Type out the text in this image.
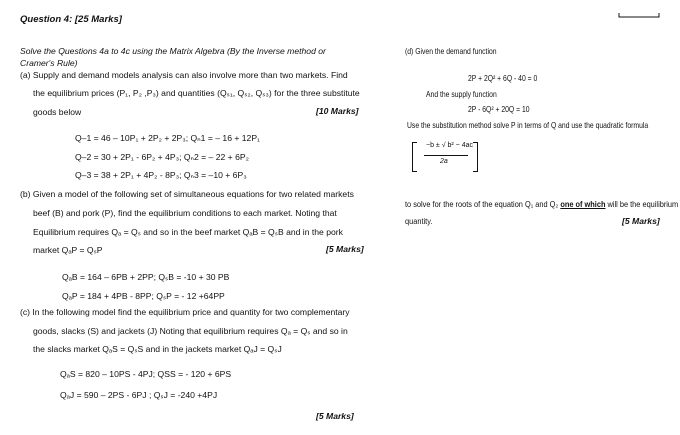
Question 4: [25 Marks]
Solve the Questions 4a to 4c using the Matrix Algebra (By the Inverse method or
Cramer's Rule)
(a) Supply and demand models analysis can also involve more than two markets. Find
the equilibrium prices (P₁, P₂ ,P₃) and quantities (Qₛ₁, Qₛ₂, Qₛ₃) for the three substitute
goods below	[10 Marks]
Q–1 = 46 – 10P₁ + 2P₂ + 2P₃; Qₙ1 = – 16 + 12P₁
Q–2 = 30 + 2P₁ - 6P₂ + 4P₃; Qₙ2 = – 22 + 6P₂
Q–3 = 38 + 2P₁ + 4P₂ - 8P₃; Qₙ3 = –10 + 6P₃
(b) Given a model of the following set of simultaneous equations for two related markets
beef (B) and pork (P), find the equilibrium conditions to each market. Noting that
Equilibrium requires Qₐ = Qₛ and so in the beef market QₐB = QₛB and in the pork
market QₐP = QₛP	[5 Marks]
QₐB = 164 – 6PB + 2PP; QₛB = -10 + 30 PB
QₐP = 184 + 4PB - 8PP; QₛP = - 12 +64PP
(c) In the following model find the equilibrium price and quantity for two complementary
goods, slacks (S) and jackets (J) Noting that equilibrium requires Qₐ = Qₛ and so in
the slacks market QₐS = QₛS and in the jackets market QₐJ = QₛJ
QₐS = 820 – 10PS - 4PJ; QSS = - 120 + 6PS
QₐJ = 590 – 2PS - 6PJ ; QₛJ = -240 +4PJ
[5 Marks]
(d) Given the demand function
2P + 2Q² + 6Q - 40 = 0
And the supply function
2P - 6Q² + 20Q = 10
Use the substitution method solve P in terms of Q and use the quadratic formula
−b ± √ b² − 4ac
2a
to solve for the roots of the equation Q₁ and Q₂ one of which will be the equilibrium
quantity.	[5 Marks]
